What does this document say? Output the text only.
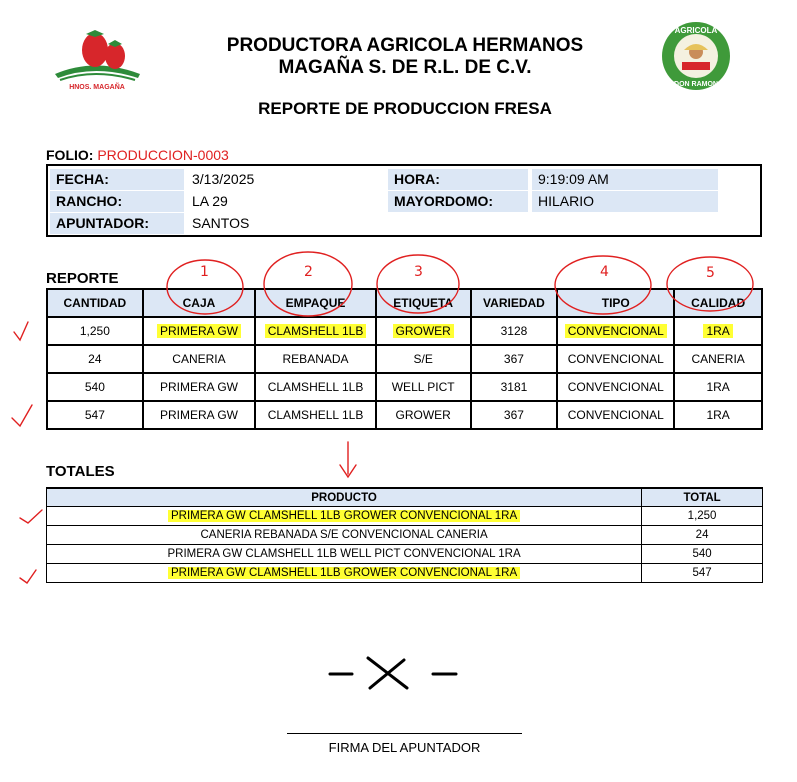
HNOS. MAGAÑA
AGRICOLA
DON RAMON
PRODUCTORA AGRICOLA HERMANOS
MAGAÑA S. DE R.L. DE C.V.
REPORTE DE PRODUCCION FRESA
FOLIO: PRODUCCION-0003
FECHA:	3/13/2025	HORA:	9:19:09 AM
RANCHO:	LA 29	MAYORDOMO:	HILARIO
APUNTADOR:	SANTOS
REPORTE
CANTIDAD	CAJA	EMPAQUE	ETIQUETA	VARIEDAD	TIPO	CALIDAD
1,250	PRIMERA GW	CLAMSHELL 1LB	GROWER	3128	CONVENCIONAL	1RA
24	CANERIA	REBANADA	S/E	367	CONVENCIONAL	CANERIA
540	PRIMERA GW	CLAMSHELL 1LB	WELL PICT	3181	CONVENCIONAL	1RA
547	PRIMERA GW	CLAMSHELL 1LB	GROWER	367	CONVENCIONAL	1RA
TOTALES
PRODUCTO	TOTAL
PRIMERA GW CLAMSHELL 1LB GROWER CONVENCIONAL 1RA	1,250
CANERIA REBANADA S/E CONVENCIONAL CANERIA	24
PRIMERA GW CLAMSHELL 1LB WELL PICT CONVENCIONAL 1RA	540
PRIMERA GW CLAMSHELL 1LB GROWER CONVENCIONAL 1RA	547
FIRMA DEL APUNTADOR
1	2	3	4	5
